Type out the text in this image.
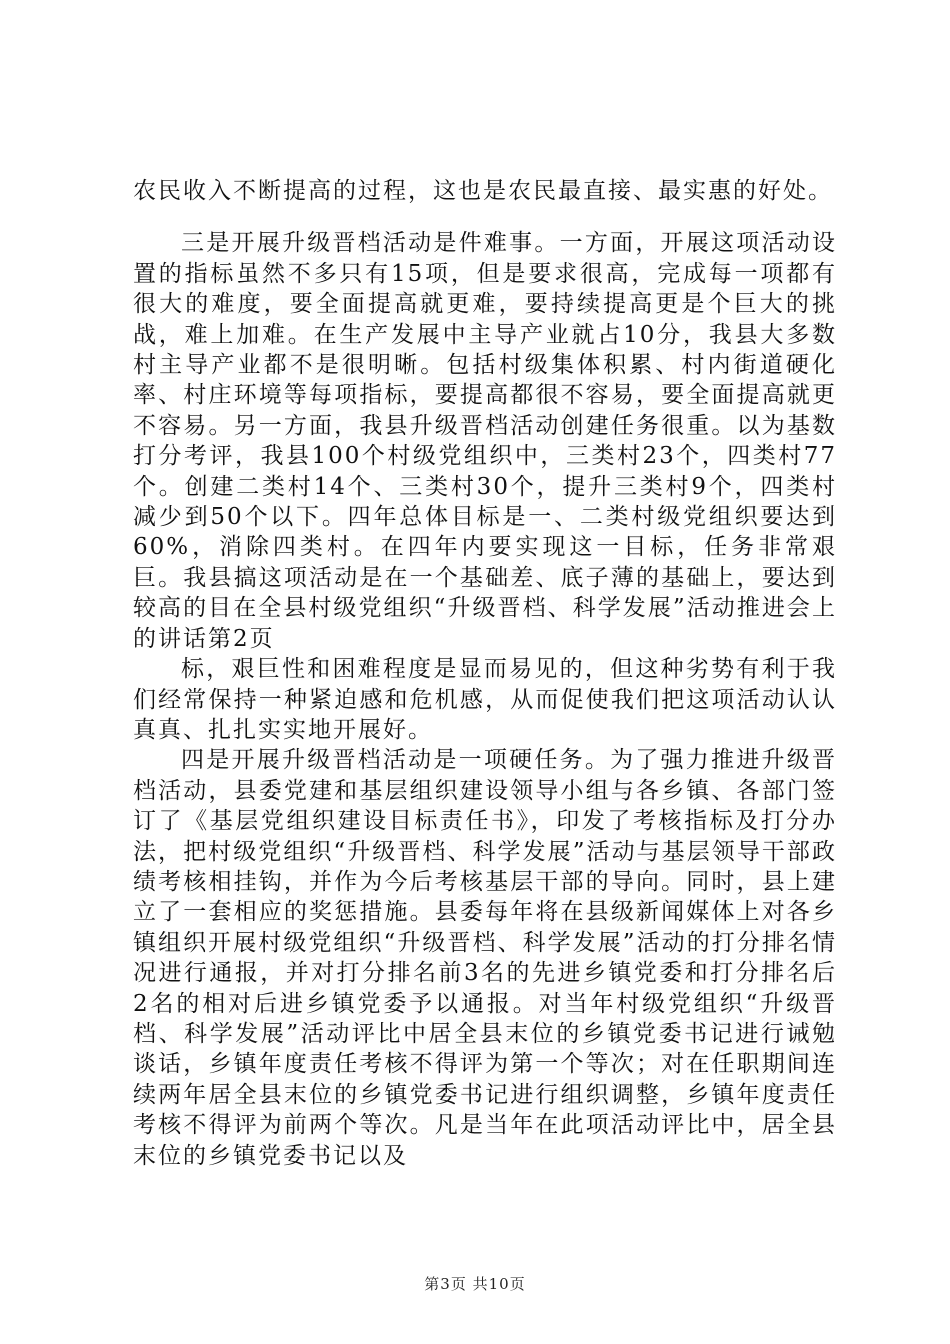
农民收入不断提高的过程，这也是农民最直接、最实惠的好处。

三是开展升级晋档活动是件难事。一方面，开展这项活动设置的指标虽然不多只有15项，但是要求很高，完成每一项都有很大的难度，要全面提高就更难，要持续提高更是个巨大的挑战，难上加难。在生产发展中主导产业就占10分，我县大多数村主导产业都不是很明晰。包括村级集体积累、村内街道硬化率、村庄环境等每项指标，要提高都很不容易，要全面提高就更不容易。另一方面，我县升级晋档活动创建任务很重。以为基数打分考评，我县100个村级党组织中，三类村23个，四类村77个。创建二类村14个、三类村30个，提升三类村9个，四类村减少到50个以下。四年总体目标是一、二类村级党组织要达到60%，消除四类村。在四年内要实现这一目标，任务非常艰巨。我县搞这项活动是在一个基础差、底子薄的基础上，要达到较高的目在全县村级党组织“升级晋档、科学发展”活动推进会上的讲话第2页

标，艰巨性和困难程度是显而易见的，但这种劣势有利于我们经常保持一种紧迫感和危机感，从而促使我们把这项活动认认真真、扎扎实实地开展好。

四是开展升级晋档活动是一项硬任务。为了强力推进升级晋档活动，县委党建和基层组织建设领导小组与各乡镇、各部门签订了《基层党组织建设目标责任书》，印发了考核指标及打分办法，把村级党组织“升级晋档、科学发展”活动与基层领导干部政绩考核相挂钩，并作为今后考核基层干部的导向。同时，县上建立了一套相应的奖惩措施。县委每年将在县级新闻媒体上对各乡镇组织开展村级党组织“升级晋档、科学发展”活动的打分排名情况进行通报，并对打分排名前3名的先进乡镇党委和打分排名后2名的相对后进乡镇党委予以通报。对当年村级党组织“升级晋档、科学发展”活动评比中居全县末位的乡镇党委书记进行诫勉谈话，乡镇年度责任考核不得评为第一个等次；对在任职期间连续两年居全县末位的乡镇党委书记进行组织调整，乡镇年度责任考核不得评为前两个等次。凡是当年在此项活动评比中，居全县末位的乡镇党委书记以及

第3页 共10页
